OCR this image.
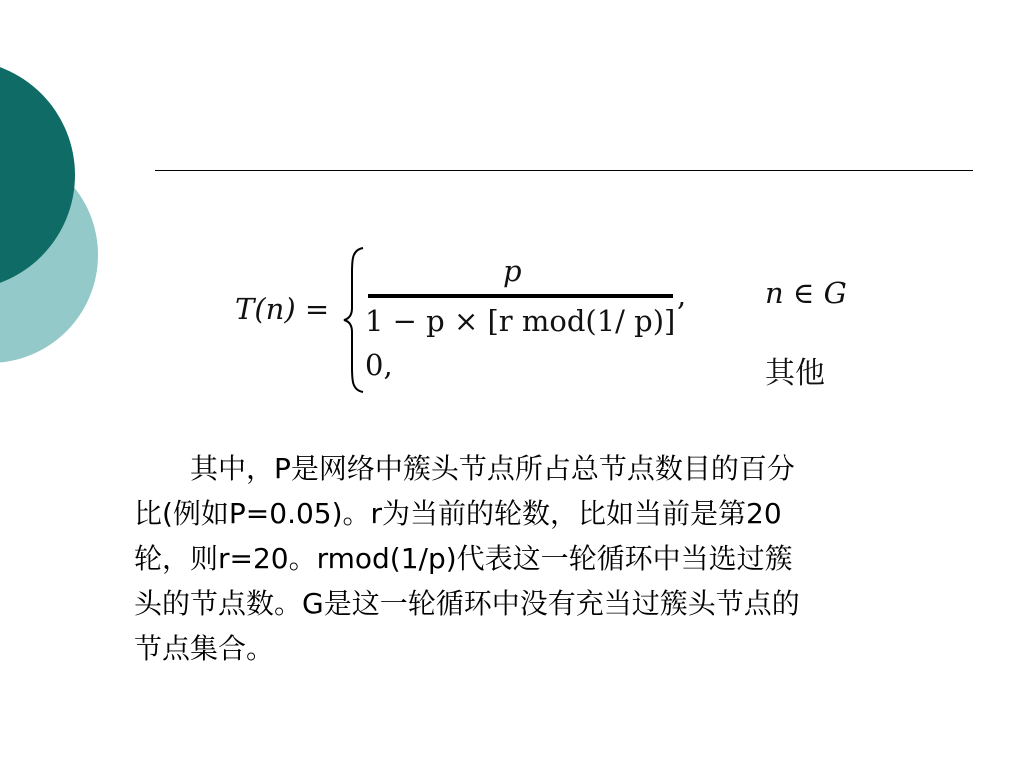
T(n) =
p
1 − p × [r mod(1/ p)]
,	n ∈ G
0,	其他
　　其中，P是网络中簇头节点所占总节点数目的百分
比(例如P=0.05)。r为当前的轮数，比如当前是第20
轮，则r=20。rmod(1/p)代表这一轮循环中当选过簇
头的节点数。G是这一轮循环中没有充当过簇头节点的
节点集合。
